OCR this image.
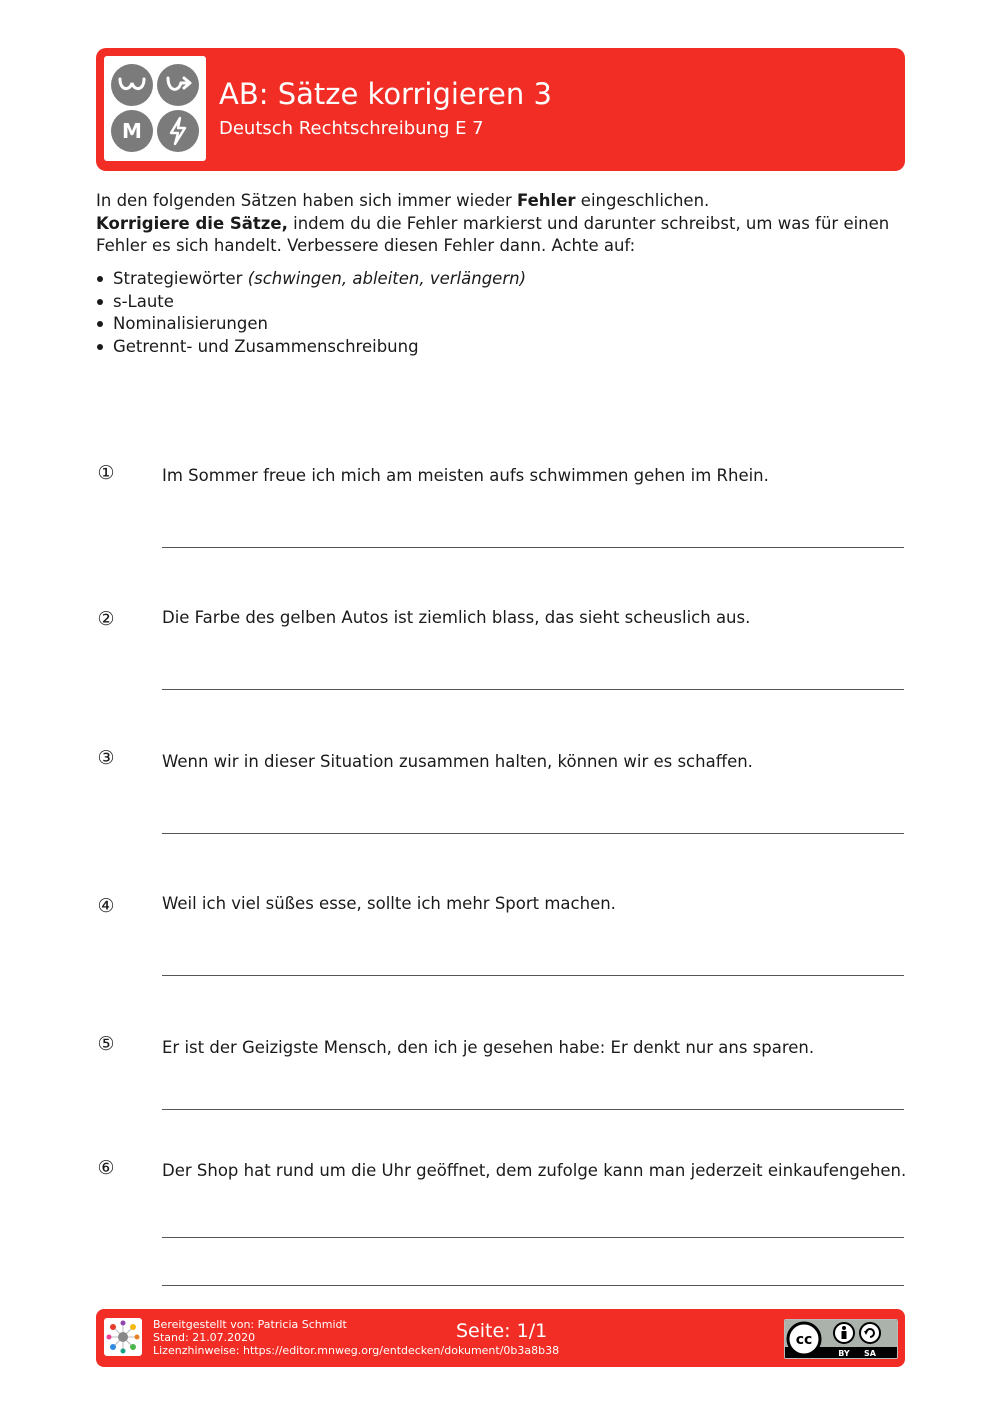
M
AB: Sätze korrigieren 3
Deutsch Rechtschreibung E 7

In den folgenden Sätzen haben sich immer wieder Fehler eingeschlichen.

Korrigiere die Sätze, indem du die Fehler markierst und darunter schreibst, um was für einen Fehler es sich handelt. Verbessere diesen Fehler dann. Achte auf:

Strategiewörter (schwingen, ableiten, verlängern)
s-Laute
Nominalisierungen
Getrennt- und Zusammenschreibung
①	Im Sommer freue ich mich am meisten aufs schwimmen gehen im Rhein.
②	Die Farbe des gelben Autos ist ziemlich blass, das sieht scheuslich aus.
③	Wenn wir in dieser Situation zusammen halten, können wir es schaffen.
④	Weil ich viel süßes esse, sollte ich mehr Sport machen.
⑤	Er ist der Geizigste Mensch, den ich je gesehen habe: Er denkt nur ans sparen.
⑥	Der Shop hat rund um die Uhr geöffnet, dem zufolge kann man jederzeit einkaufengehen.
Bereitgestellt von: Patricia Schmidt
Stand: 21.07.2020
Lizenzhinweise: https://editor.mnweg.org/entdecken/dokument/0b3a8b38
Seite: 1/1	cc
BY SA
